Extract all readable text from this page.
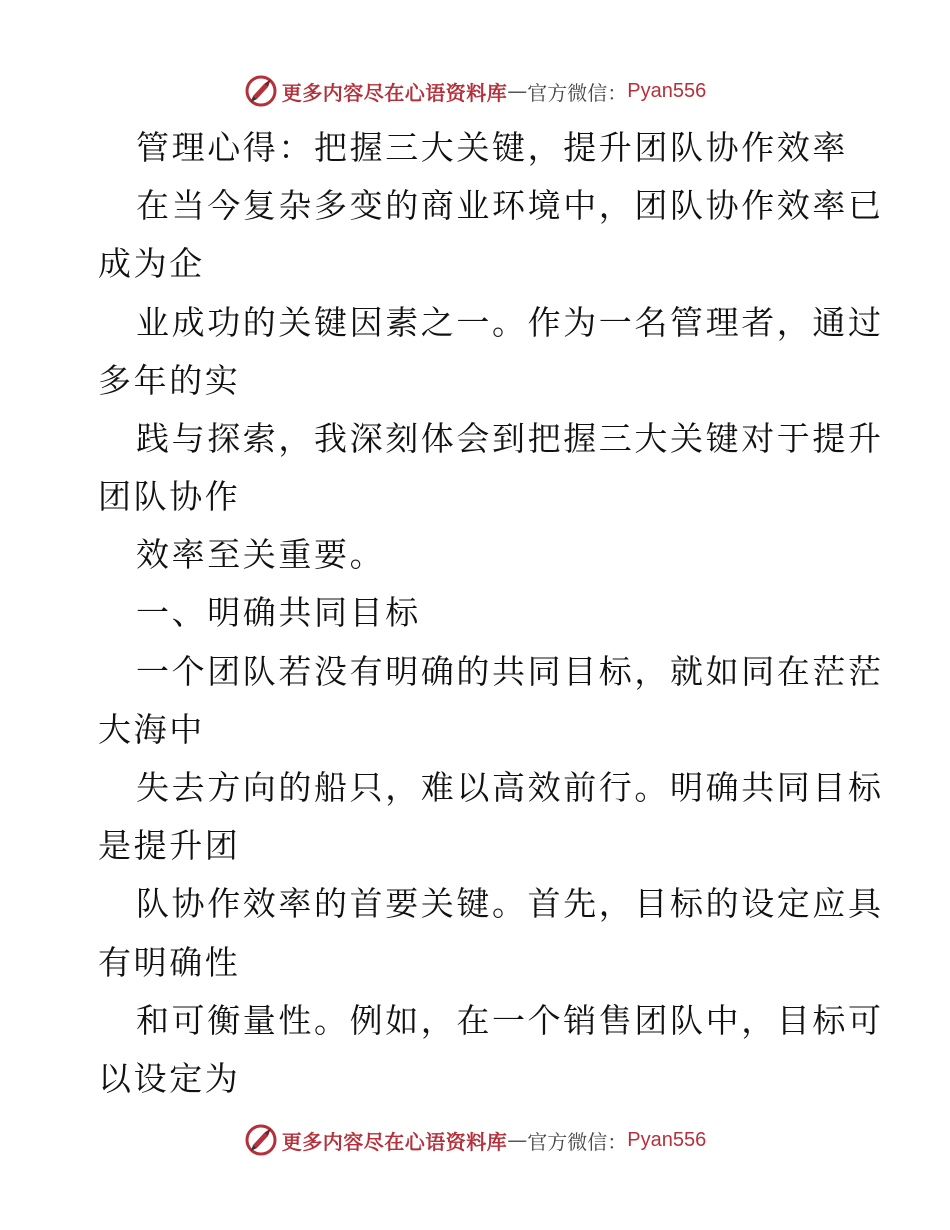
更多内容尽在心语资料库 — 官方微信： Pyan556
管理心得：把握三大关键，提升团队协作效率
在当今复杂多变的商业环境中，团队协作效率已
成为企
业成功的关键因素之一。作为一名管理者，通过
多年的实
践与探索，我深刻体会到把握三大关键对于提升
团队协作
效率至关重要。
一、明确共同目标
一个团队若没有明确的共同目标，就如同在茫茫
大海中
失去方向的船只，难以高效前行。明确共同目标
是提升团
队协作效率的首要关键。首先，目标的设定应具
有明确性
和可衡量性。例如，在一个销售团队中，目标可
以设定为
更多内容尽在心语资料库 — 官方微信： Pyan556
